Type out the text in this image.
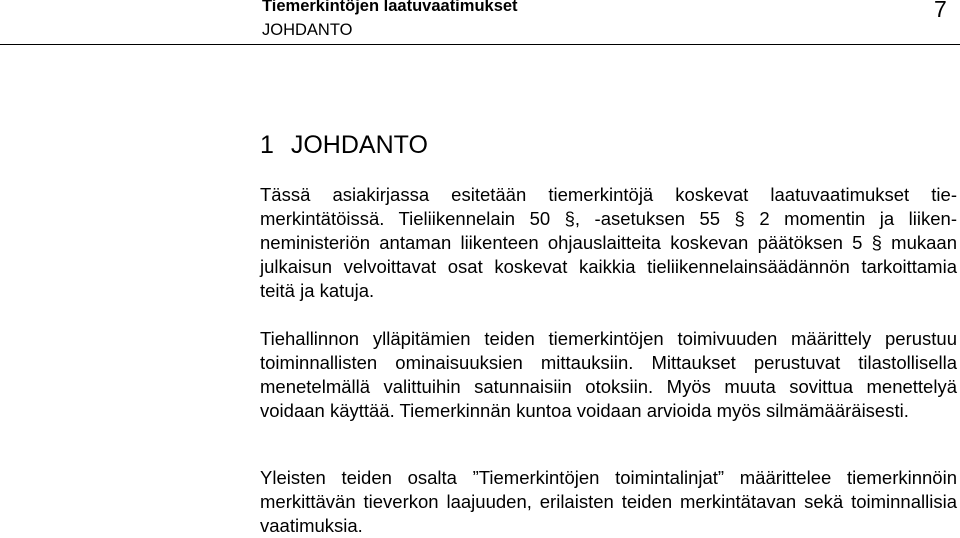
Tiemerkintöjen laatuvaatimukset
JOHDANTO
7
1 JOHDANTO

Tässä asiakirjassa esitetään tiemerkintöjä koskevat laatuvaatimukset tiemerkintätöissä. Tieliikennelain 50 §, -asetuksen 55 § 2 momentin ja liikenneministeriön antaman liikenteen ohjauslaitteita koskevan päätöksen 5 § mukaan julkaisun velvoittavat osat koskevat kaikkia tieliikennelainsäädännön tarkoittamia teitä ja katuja.

Tiehallinnon ylläpitämien teiden tiemerkintöjen toimivuuden määrittely perustuu toiminnallisten ominaisuuksien mittauksiin. Mittaukset perustuvat tilastollisella menetelmällä valittuihin satunnaisiin otoksiin. Myös muuta sovittua menettelyä voidaan käyttää. Tiemerkinnän kuntoa voidaan arvioida myös silmämääräisesti.

Yleisten teiden osalta ”Tiemerkintöjen toimintalinjat” määrittelee tiemerkinnöin merkittävän tieverkon laajuuden, erilaisten teiden merkintätavan sekä toiminnallisia vaatimuksia.
